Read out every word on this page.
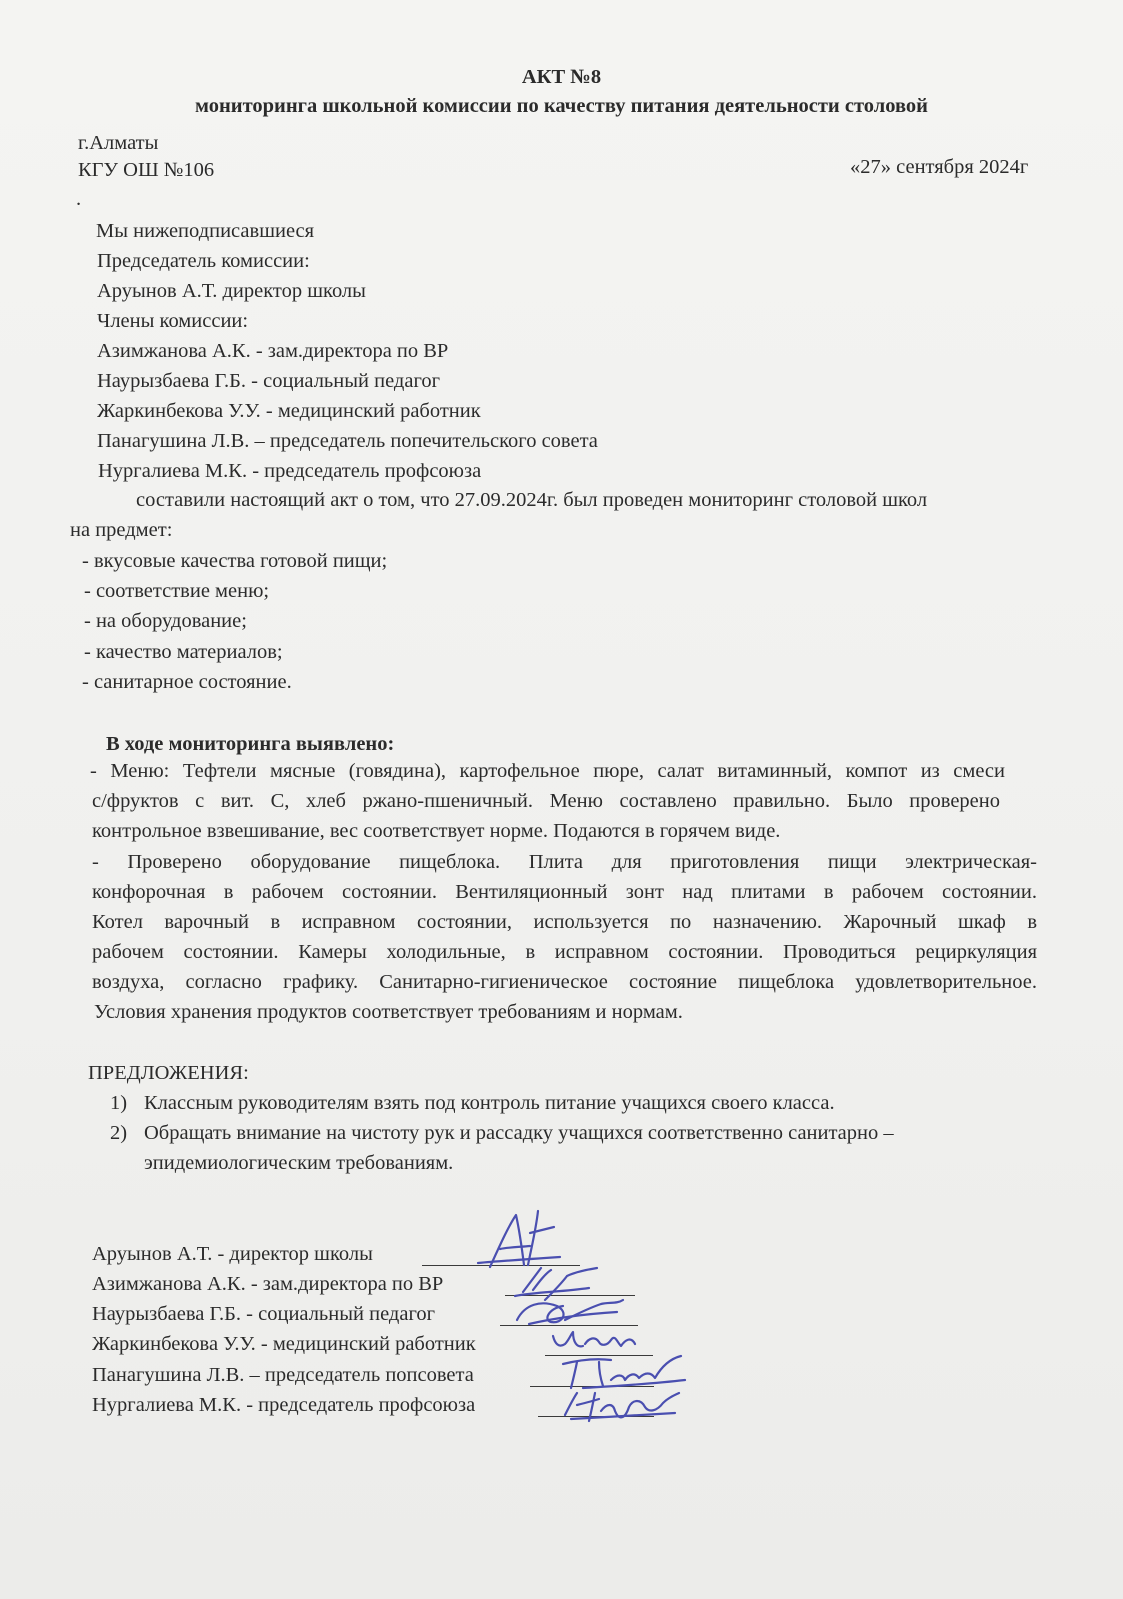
АКТ №8
мониторинга школьной комиссии по качеству питания деятельности столовой
г.Алматы
КГУ ОШ №106	«27» сентября 2024г
.
Мы нижеподписавшиеся
Председатель комиссии:
Аруынов А.Т. директор школы
Члены комиссии:
Азимжанова А.К. - зам.директора по ВР
Наурызбаева Г.Б. - социальный педагог
Жаркинбекова У.У. - медицинский работник
Панагушина Л.В. – председатель попечительского совета
Нургалиева М.К. - председатель профсоюза
составили настоящий акт о том, что 27.09.2024г. был проведен мониторинг столовой школ
на предмет:
- вкусовые качества готовой пищи;
- соответствие меню;
- на оборудование;
- качество материалов;
- санитарное состояние.
В ходе мониторинга выявлено:
- Меню: Тефтели мясные (говядина), картофельное пюре, салат витаминный, компот из смеси
с/фруктов с вит. С, хлеб ржано-пшеничный. Меню составлено правильно. Было проверено
контрольное взвешивание, вес соответствует норме. Подаются в горячем виде.
- Проверено оборудование пищеблока. Плита для приготовления пищи электрическая-
конфорочная в рабочем состоянии. Вентиляционный зонт над плитами в рабочем состоянии.
Котел варочный в исправном состоянии, используется по назначению. Жарочный шкаф в
рабочем состоянии. Камеры холодильные, в исправном состоянии. Проводиться рециркуляция
воздуха, согласно графику. Санитарно-гигиеническое состояние пищеблока удовлетворительное.
Условия хранения продуктов соответствует требованиям и нормам.
ПРЕДЛОЖЕНИЯ:
1) Классным руководителям взять под контроль питание учащихся своего класса.
2) Обращать внимание на чистоту рук и рассадку учащихся соответственно санитарно –
эпидемиологическим требованиям.
Аруынов А.Т. - директор школы
Азимжанова А.К. - зам.директора по ВР
Наурызбаева Г.Б. - социальный педагог
Жаркинбекова У.У. - медицинский работник
Панагушина Л.В. – председатель попсовета
Нургалиева М.К. - председатель профсоюза
